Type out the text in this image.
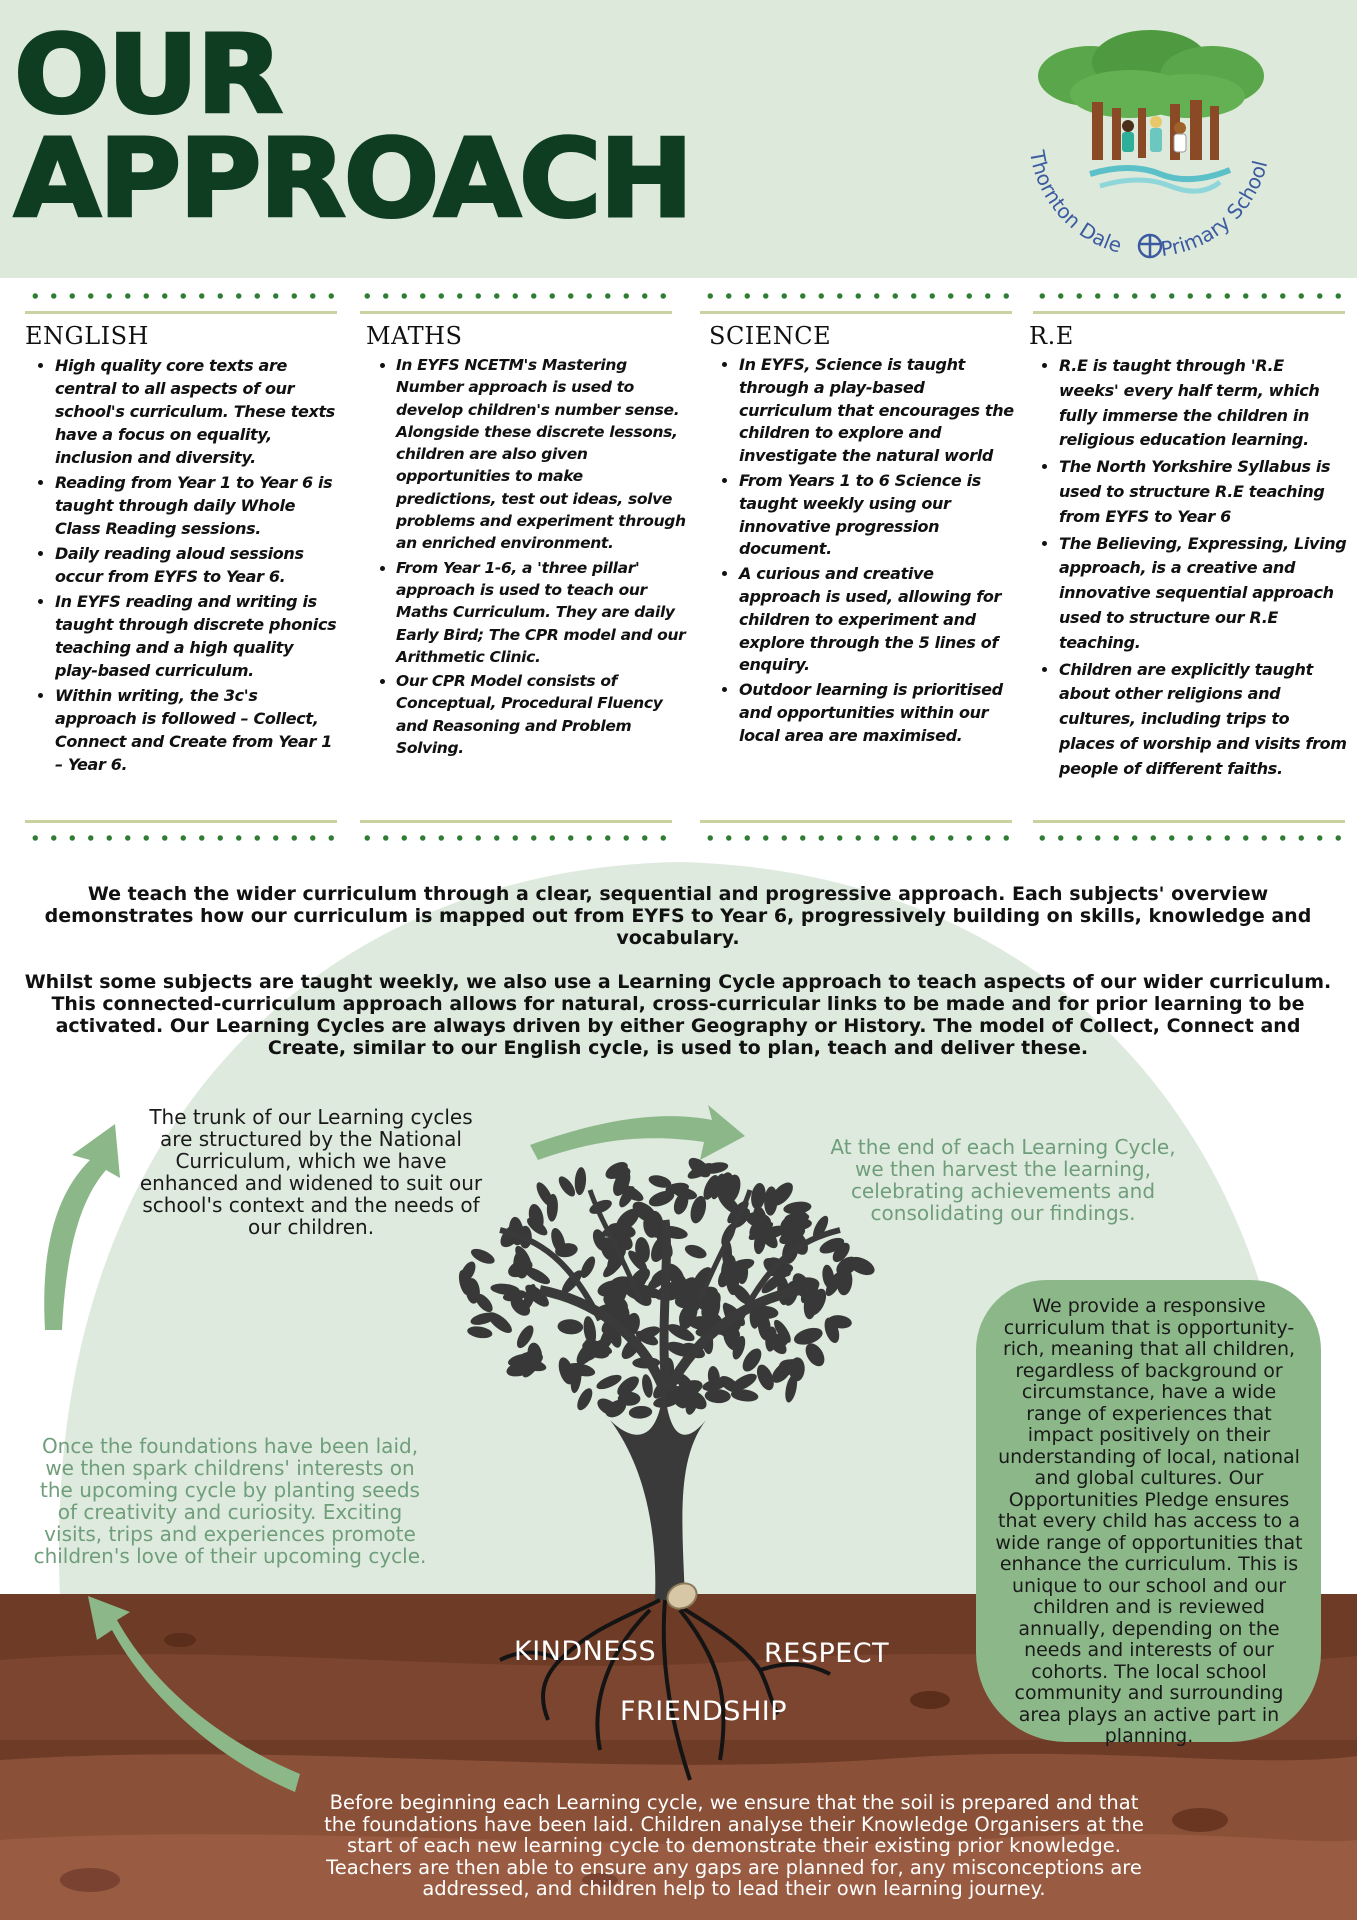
OUR
APPROACH	Thornton Dale Primary School
ENGLISH
• High quality core texts are central to all aspects of our school's curriculum. These texts have a focus on equality, inclusion and diversity.
• Reading from Year 1 to Year 6 is taught through daily Whole Class Reading sessions.
• Daily reading aloud sessions occur from EYFS to Year 6.
• In EYFS reading and writing is taught through discrete phonics teaching and a high quality play-based curriculum.
• Within writing, the 3c's approach is followed – Collect, Connect and Create from Year 1 – Year 6.
MATHS
• In EYFS NCETM's Mastering Number approach is used to develop children's number sense. Alongside these discrete lessons, children are also given opportunities to make predictions, test out ideas, solve problems and experiment through an enriched environment.
• From Year 1-6, a 'three pillar' approach is used to teach our Maths Curriculum. They are daily Early Bird; The CPR model and our Arithmetic Clinic.
• Our CPR Model consists of Conceptual, Procedural Fluency and Reasoning and Problem Solving.
SCIENCE
• In EYFS, Science is taught through a play-based curriculum that encourages the children to explore and investigate the natural world
• From Years 1 to 6 Science is taught weekly using our innovative progression document.
• A curious and creative approach is used, allowing for children to experiment and explore through the 5 lines of enquiry.
• Outdoor learning is prioritised and opportunities within our local area are maximised.
R.E
• R.E is taught through 'R.E weeks' every half term, which fully immerse the children in religious education learning.
• The North Yorkshire Syllabus is used to structure R.E teaching from EYFS to Year 6
• The Believing, Expressing, Living approach, is a creative and innovative sequential approach used to structure our R.E teaching.
• Children are explicitly taught about other religions and cultures, including trips to places of worship and visits from people of different faiths.

We teach the wider curriculum through a clear, sequential and progressive approach. Each subjects' overview demonstrates how our curriculum is mapped out from EYFS to Year 6, progressively building on skills, knowledge and vocabulary.

Whilst some subjects are taught weekly, we also use a Learning Cycle approach to teach aspects of our wider curriculum. This connected-curriculum approach allows for natural, cross-curricular links to be made and for prior learning to be activated. Our Learning Cycles are always driven by either Geography or History. The model of Collect, Connect and Create, similar to our English cycle, is used to plan, teach and deliver these.

The trunk of our Learning cycles are structured by the National Curriculum, which we have enhanced and widened to suit our school's context and the needs of our children.
At the end of each Learning Cycle, we then harvest the learning, celebrating achievements and consolidating our findings.
Once the foundations have been laid, we then spark childrens' interests on the upcoming cycle by planting seeds of creativity and curiosity. Exciting visits, trips and experiences promote children's love of their upcoming cycle.
We provide a responsive curriculum that is opportunity-rich, meaning that all children, regardless of background or circumstance, have a wide range of experiences that impact positively on their understanding of local, national and global cultures. Our Opportunities Pledge ensures that every child has access to a wide range of opportunities that enhance the curriculum. This is unique to our school and our children and is reviewed annually, depending on the needs and interests of our cohorts. The local school community and surrounding area plays an active part in planning.
KINDNESS	RESPECT
FRIENDSHIP
Before beginning each Learning cycle, we ensure that the soil is prepared and that the foundations have been laid. Children analyse their Knowledge Organisers at the start of each new learning cycle to demonstrate their existing prior knowledge. Teachers are then able to ensure any gaps are planned for, any misconceptions are addressed, and children help to lead their own learning journey.
